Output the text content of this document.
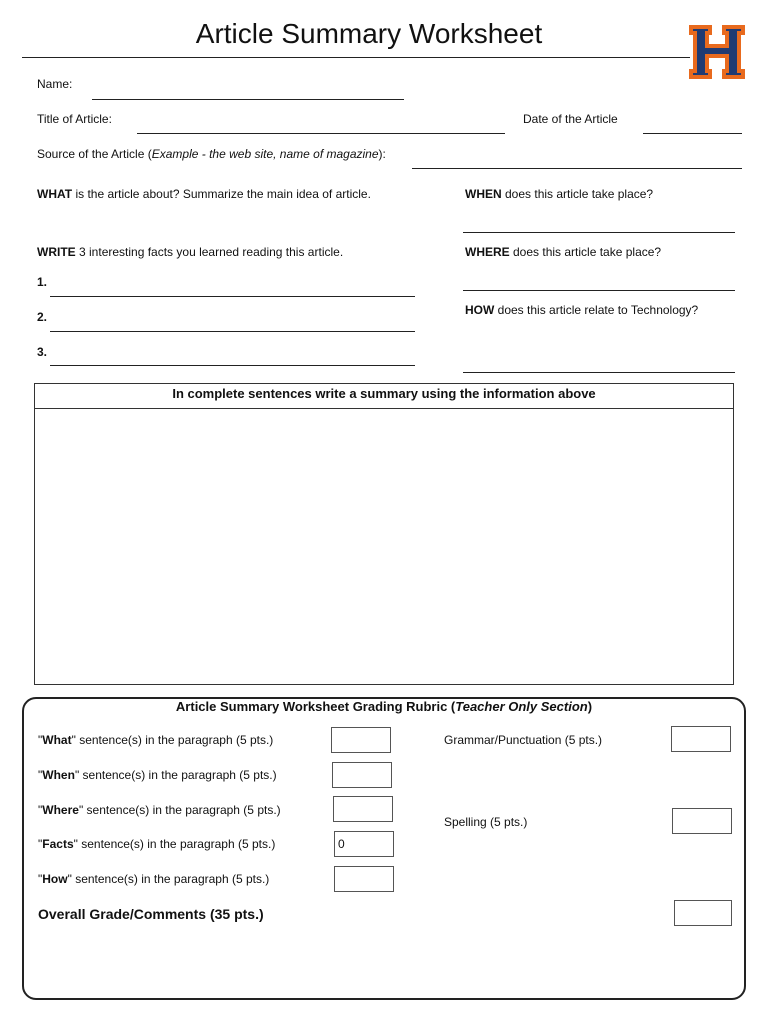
Article Summary Worksheet
Name:
Title of Article:	Date of the Article
Source of the Article (Example - the web site, name of magazine):
WHAT is the article about? Summarize the main idea of article.
WRITE 3 interesting facts you learned reading this article.
1.
2.
3.
WHEN does this article take place?
WHERE does this article take place?
HOW does this article relate to Technology?
In complete sentences write a summary using the information above
Article Summary Worksheet Grading Rubric (Teacher Only Section)
"What" sentence(s) in the paragraph (5 pts.)
"When" sentence(s) in the paragraph (5 pts.)
"Where" sentence(s) in the paragraph (5 pts.)
"Facts" sentence(s) in the paragraph (5 pts.)	0
"How" sentence(s) in the paragraph (5 pts.)
Grammar/Punctuation (5 pts.)
Spelling (5 pts.)
Overall Grade/Comments (35 pts.)
